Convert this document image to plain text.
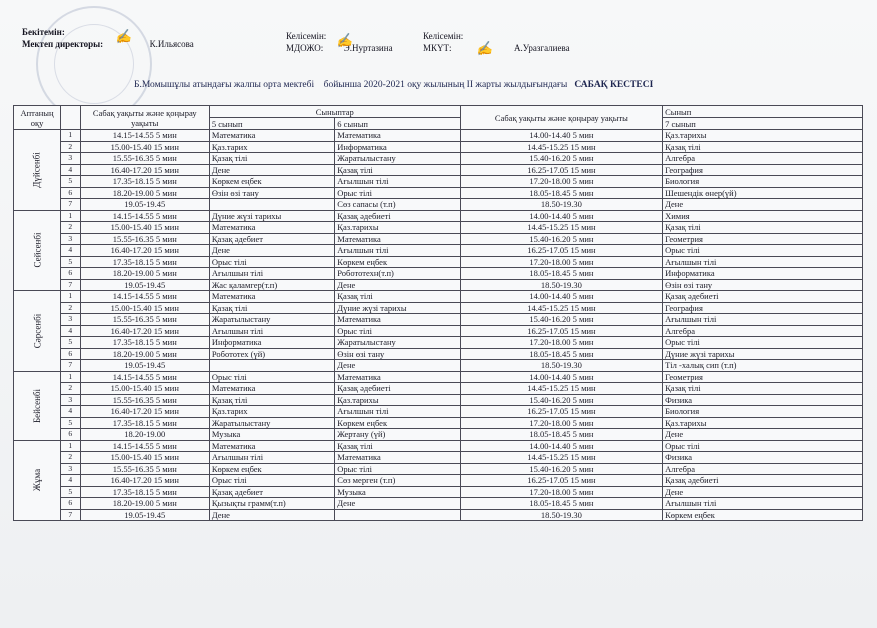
Бекітемін:
Мектеп директоры:	К.Ильясова
✍	Келісемін:
МДОЖО: Э.Нуртазина
✍	Келісемін:
МКҮТ:	А.Уразгалиева
✍
Б.Момышұлы атындағы жалпы орта мектебі бойынша 2020-2021 оқу жылының ІІ жарты жылдығындағы САБАҚ КЕСТЕСІ
Аптаның оқу		Сабақ уақыты және қоңырау уақыты	Сыныптар		Сабақ уақыты және қоңырау уақыты	Сынып
			5 сынып	6 сынып		7 сынып
Дүйсенбі	1	14.15-14.55 5 мин	Математика	Математика	14.00-14.40 5 мин	Қаз.тарихы
	2	15.00-15.40 15 мин	Қаз.тарих	Информатика	14.45-15.25 15 мин	Қазақ тілі
	3	15.55-16.35 5 мин	Қазақ тілі	Жаратылыстану	15.40-16.20 5 мин	Алгебра
	4	16.40-17.20 15 мин	Дене	Қазақ тілі	16.25-17.05 15 мин	География
	5	17.35-18.15 5 мин	Көркем еңбек	Ағылшын тілі	17.20-18.00 5 мин	Биология
	6	18.20-19.00 5 мин	Өзін өзі тану	Орыс тілі	18.05-18.45 5 мин	Шешендік өнер(үй)
	7	19.05-19.45		Сөз сапасы (т.п)	18.50-19.30	Дене
Сейсенбі	1	14.15-14.55 5 мин	Дүние жүзі тарихы	Қазақ әдебиеті	14.00-14.40 5 мин	Химия
	2	15.00-15.40 15 мин	Математика	Қаз.тарихы	14.45-15.25 15 мин	Қазақ тілі
	3	15.55-16.35 5 мин	Қазақ әдебиет	Математика	15.40-16.20 5 мин	Геометрия
	4	16.40-17.20 15 мин	Дене	Ағылшын тілі	16.25-17.05 15 мин	Орыс тілі
	5	17.35-18.15 5 мин	Орыс тілі	Көркем еңбек	17.20-18.00 5 мин	Ағылшын тілі
	6	18.20-19.00 5 мин	Ағылшын тілі	Робототехн(т.п)	18.05-18.45 5 мин	Информатика
	7	19.05-19.45	Жас қаламгер(т.п)	Дене	18.50-19.30	Өзін өзі тану
Сәрсенбі	1	14.15-14.55 5 мин	Математика	Қазақ тілі	14.00-14.40 5 мин	Қазақ әдебиеті
	2	15.00-15.40 15 мин	Қазақ тілі	Дүние жүзі тарихы	14.45-15.25 15 мин	География
	3	15.55-16.35 5 мин	Жаратылыстану	Математика	15.40-16.20 5 мин	Ағылшын тілі
	4	16.40-17.20 15 мин	Ағылшын тілі	Орыс тілі	16.25-17.05 15 мин	Алгебра
	5	17.35-18.15 5 мин	Информатика	Жаратылыстану	17.20-18.00 5 мин	Орыс тілі
	6	18.20-19.00 5 мин	Робототех (үй)	Өзін өзі тану	18.05-18.45 5 мин	Дүние жүзі тарихы
	7	19.05-19.45		Дене	18.50-19.30	Тіл -халық сип (т.п)
Бейсенбі	1	14.15-14.55 5 мин	Орыс тілі	Математика	14.00-14.40 5 мин	Геометрия
	2	15.00-15.40 15 мин	Математика	Қазақ әдебиеті	14.45-15.25 15 мин	Қазақ тілі
	3	15.55-16.35 5 мин	Қазақ тілі	Қаз.тарихы	15.40-16.20 5 мин	Физика
	4	16.40-17.20 15 мин	Қаз.тарих	Ағылшын тілі	16.25-17.05 15 мин	Биология
	5	17.35-18.15 5 мин	Жаратылыстану	Көркем еңбек	17.20-18.00 5 мин	Қаз.тарихы
	6	18.20-19.00	Музыка	Жертану (үй)	18.05-18.45 5 мин	Дене
Жұма	1	14.15-14.55 5 мин	Математика	Қазақ тілі	14.00-14.40 5 мин	Орыс тілі
	2	15.00-15.40 15 мин	Ағылшын тілі	Математика	14.45-15.25 15 мин	Физика
	3	15.55-16.35 5 мин	Көркем еңбек	Орыс тілі	15.40-16.20 5 мин	Алгебра
	4	16.40-17.20 15 мин	Орыс тілі	Сөз мерген (т.п)	16.25-17.05 15 мин	Қазақ әдебиеті
	5	17.35-18.15 5 мин	Қазақ әдебиет	Музыка	17.20-18.00 5 мин	Дене
	6	18.20-19.00 5 мин	Қызықты грамм(т.п)	Дене	18.05-18.45 5 мин	Ағылшын тілі
	7	19.05-19.45	Дене		18.50-19.30	Көркем еңбек
